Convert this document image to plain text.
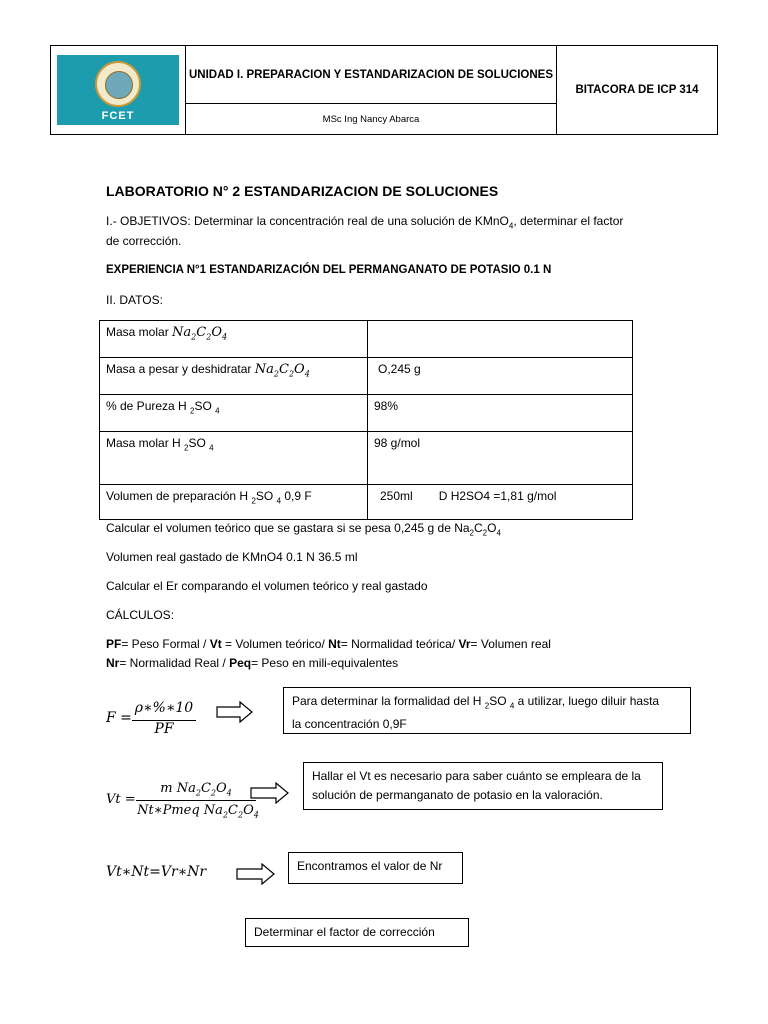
FCET
	UNIDAD I. PREPARACION Y ESTANDARIZACION DE SOLUCIONES	BITACORA DE ICP 314
MSc Ing Nancy Abarca
LABORATORIO N° 2 ESTANDARIZACION DE SOLUCIONES
I.- OBJETIVOS: Determinar la concentración real de una solución de KMnO$_4$, determinar el factor
de corrección.
EXPERIENCIA N°1 ESTANDARIZACIÓN DEL PERMANGANATO DE POTASIO 0.1 N
II. DATOS:
Masa molar $Na_2C_2O_4$	
Masa a pesar y deshidratar $Na_2C_2O_4$	O,245 g
% de Pureza H $_2$SO $_4$	98%
Masa molar H $_2$SO $_4$	98 g/mol
Volumen de preparación H $_2$SO $_4$ 0,9 F	250ml D H2SO4 =1,81 g/mol
Calcular el volumen teórico que se gastara si se pesa 0,245 g de $Na_2C_2O_4$
Volumen real gastado de KMnO4 0.1 N 36.5 ml
Calcular el Er comparando el volumen teórico y real gastado
CÁLCULOS:
PF= Peso Formal / Vt = Volumen teórico/ Nt= Normalidad teórica/ Vr= Volumen real
Nr= Normalidad Real / Peq= Peso en mili-equivalentes
F =
ρ∗%∗10
PF
Para determinar la formalidad del H $_2$SO $_4$ a utilizar, luego diluir hasta
la concentración 0,9F
Vt =
m $Na_2C_2O_4$
Nt∗Pmeq $Na_2C_2O_4$
Hallar el Vt es necesario para saber cuánto se empleara de la
solución de permanganato de potasio en la valoración.
Vt∗Nt=Vr∗Nr	Encontramos el valor de Nr
Determinar el factor de corrección
